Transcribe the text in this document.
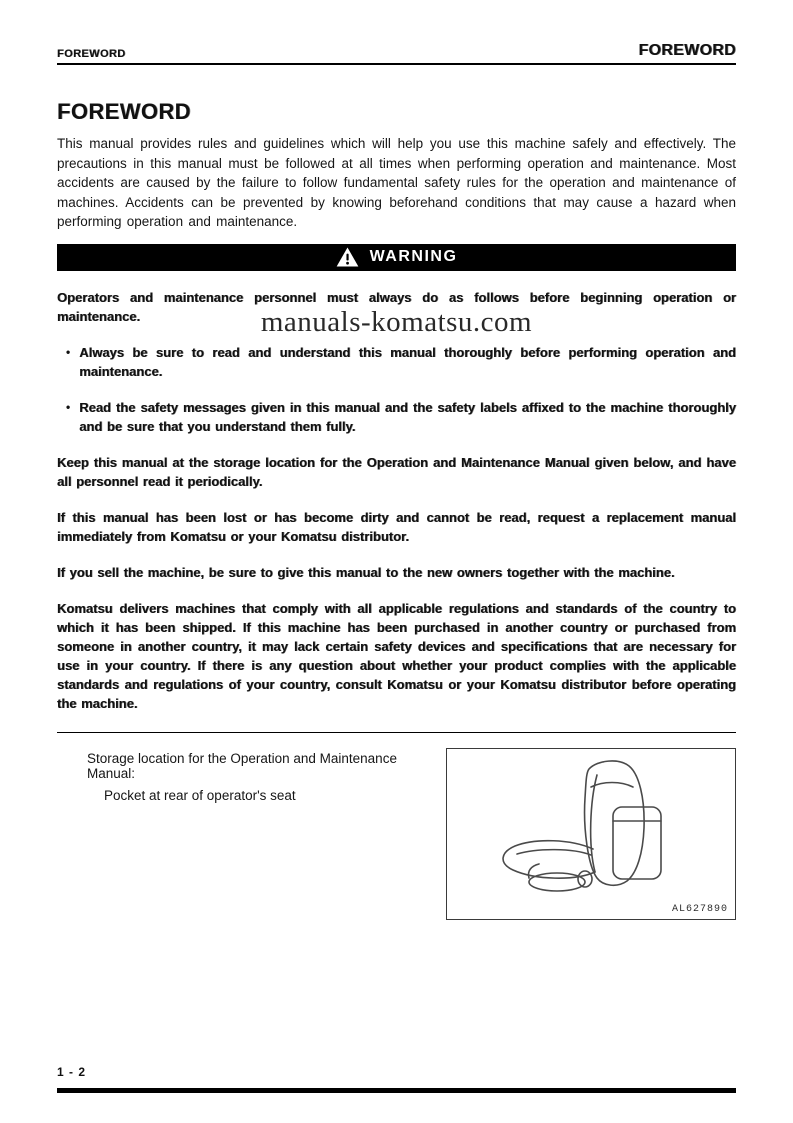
FOREWORD	FOREWORD
FOREWORD

This manual provides rules and guidelines which will help you use this machine safely and effectively. The precautions in this manual must be followed at all times when performing operation and maintenance. Most accidents are caused by the failure to follow fundamental safety rules for the operation and maintenance of machines. Accidents can be prevented by knowing beforehand conditions that may cause a hazard when performing operation and maintenance.

WARNING

Operators and maintenance personnel must always do as follows before beginning operation or maintenance.

• Always be sure to read and understand this manual thoroughly before performing operation and maintenance.
• Read the safety messages given in this manual and the safety labels affixed to the machine thoroughly and be sure that you understand them fully.
manuals-komatsu.com

Keep this manual at the storage location for the Operation and Maintenance Manual given below, and have all personnel read it periodically.

If this manual has been lost or has become dirty and cannot be read, request a replacement manual immediately from Komatsu or your Komatsu distributor.

If you sell the machine, be sure to give this manual to the new owners together with the machine.

Komatsu delivers machines that comply with all applicable regulations and standards of the country to which it has been shipped. If this machine has been purchased in another country or purchased from someone in another country, it may lack certain safety devices and specifications that are necessary for use in your country. If there is any question about whether your product complies with the applicable standards and regulations of your country, consult Komatsu or your Komatsu distributor before operating the machine.

Storage location for the Operation and Maintenance Manual:

Pocket at rear of operator's seat

AL627890
1 - 2
